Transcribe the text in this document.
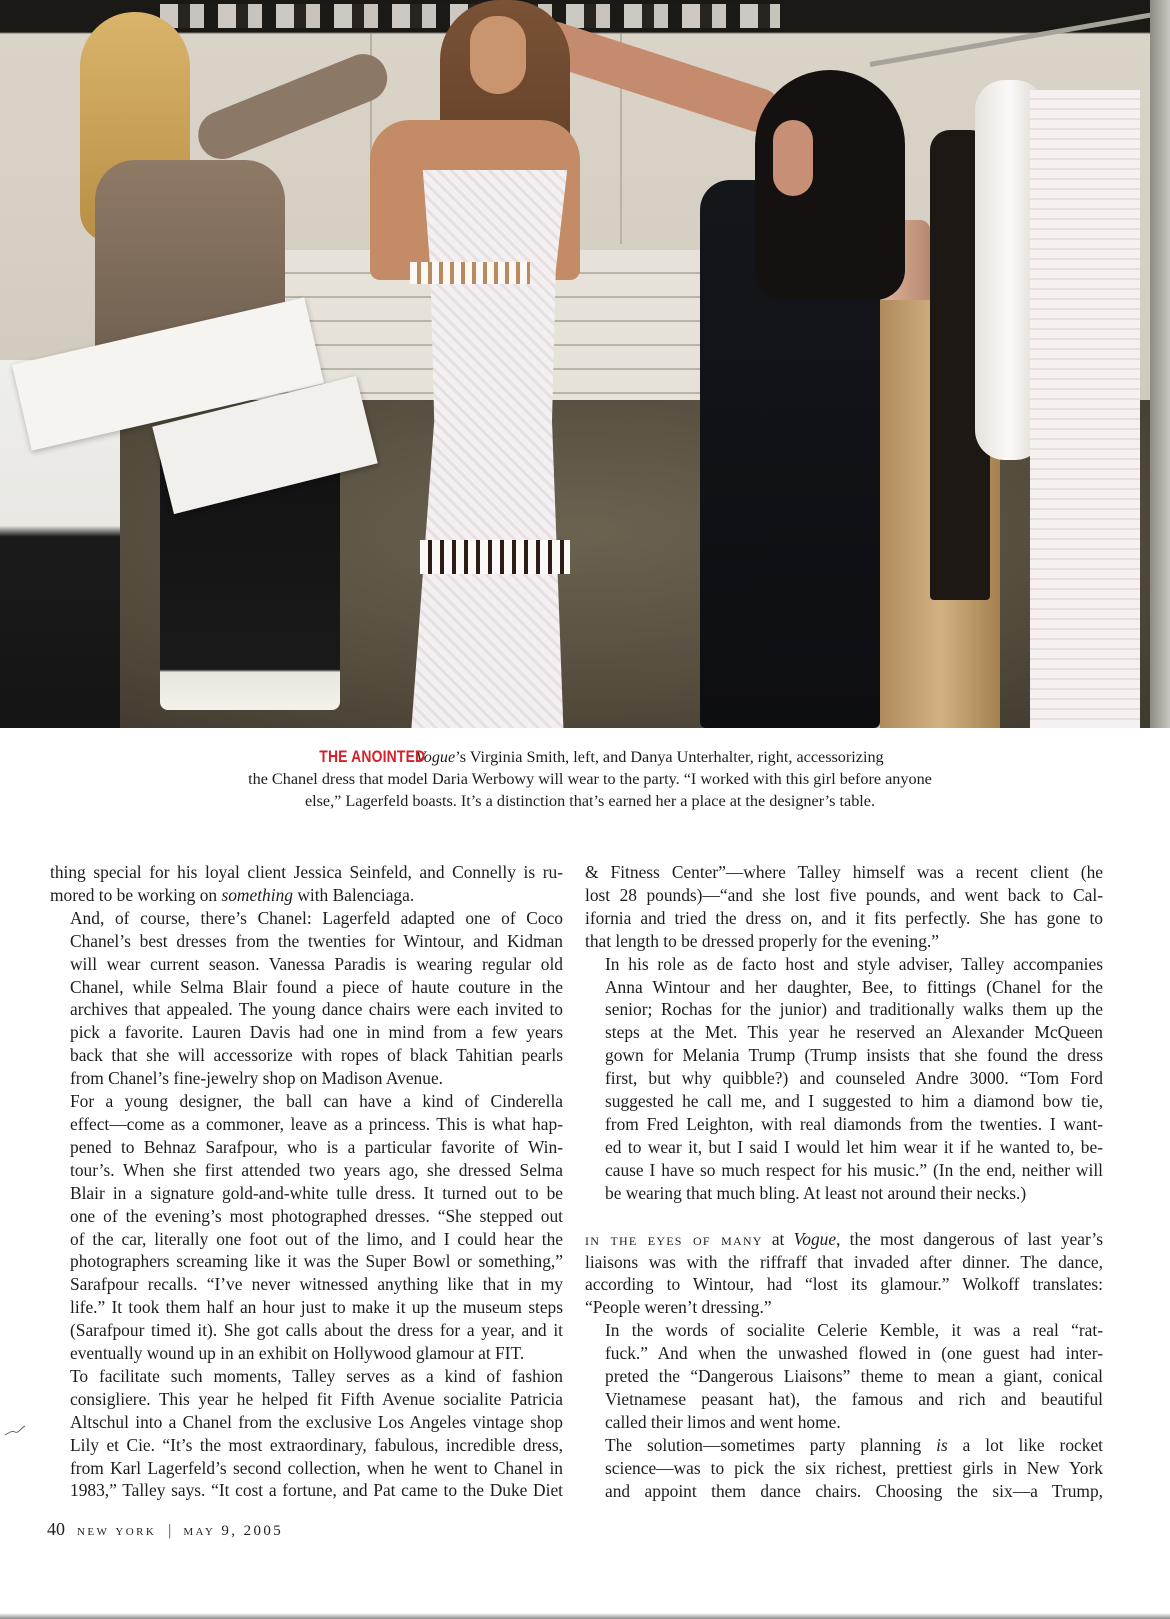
THE ANOINTED Vogue’s Virginia Smith, left, and Danya Unterhalter, right, accessorizing
the Chanel dress that model Daria Werbowy will wear to the party. “I worked with this girl before anyone
else,” Lagerfeld boasts. It’s a distinction that’s earned her a place at the designer’s table.

thing special for his loyal client Jessica Seinfeld, and Connelly is ru-
mored to be working on something with Balenciaga.

And, of course, there’s Chanel: Lagerfeld adapted one of Coco
Chanel’s best dresses from the twenties for Wintour, and Kidman
will wear current season. Vanessa Paradis is wearing regular old
Chanel, while Selma Blair found a piece of haute couture in the
archives that appealed. The young dance chairs were each invited to
pick a favorite. Lauren Davis had one in mind from a few years
back that she will accessorize with ropes of black Tahitian pearls
from Chanel’s fine-jewelry shop on Madison Avenue.

For a young designer, the ball can have a kind of Cinderella
effect—come as a commoner, leave as a princess. This is what hap-
pened to Behnaz Sarafpour, who is a particular favorite of Win-
tour’s. When she first attended two years ago, she dressed Selma
Blair in a signature gold-and-white tulle dress. It turned out to be
one of the evening’s most photographed dresses. “She stepped out
of the car, literally one foot out of the limo, and I could hear the
photographers screaming like it was the Super Bowl or something,”
Sarafpour recalls. “I’ve never witnessed anything like that in my
life.” It took them half an hour just to make it up the museum steps
(Sarafpour timed it). She got calls about the dress for a year, and it
eventually wound up in an exhibit on Hollywood glamour at FIT.

To facilitate such moments, Talley serves as a kind of fashion
consigliere. This year he helped fit Fifth Avenue socialite Patricia
Altschul into a Chanel from the exclusive Los Angeles vintage shop
Lily et Cie. “It’s the most extraordinary, fabulous, incredible dress,
from Karl Lagerfeld’s second collection, when he went to Chanel in
1983,” Talley says. “It cost a fortune, and Pat came to the Duke Diet

& Fitness Center”—where Talley himself was a recent client (he
lost 28 pounds)—“and she lost five pounds, and went back to Cal-
ifornia and tried the dress on, and it fits perfectly. She has gone to
that length to be dressed properly for the evening.”

In his role as de facto host and style adviser, Talley accompanies
Anna Wintour and her daughter, Bee, to fittings (Chanel for the
senior; Rochas for the junior) and traditionally walks them up the
steps at the Met. This year he reserved an Alexander McQueen
gown for Melania Trump (Trump insists that she found the dress
first, but why quibble?) and counseled Andre 3000. “Tom Ford
suggested he call me, and I suggested to him a diamond bow tie,
from Fred Leighton, with real diamonds from the twenties. I want-
ed to wear it, but I said I would let him wear it if he wanted to, be-
cause I have so much respect for his music.” (In the end, neither will
be wearing that much bling. At least not around their necks.)

in the eyes of many at Vogue, the most dangerous of last year’s
liaisons was with the riffraff that invaded after dinner. The dance,
according to Wintour, had “lost its glamour.” Wolkoff translates:
“People weren’t dressing.”

In the words of socialite Celerie Kemble, it was a real “rat-
fuck.” And when the unwashed flowed in (one guest had inter-
preted the “Dangerous Liaisons” theme to mean a giant, conical
Vietnamese peasant hat), the famous and rich and beautiful
called their limos and went home.

The solution—sometimes party planning is a lot like rocket
science—was to pick the six richest, prettiest girls in New York
and appoint them dance chairs. Choosing the six—a Trump,

40 new york | may 9, 2005
